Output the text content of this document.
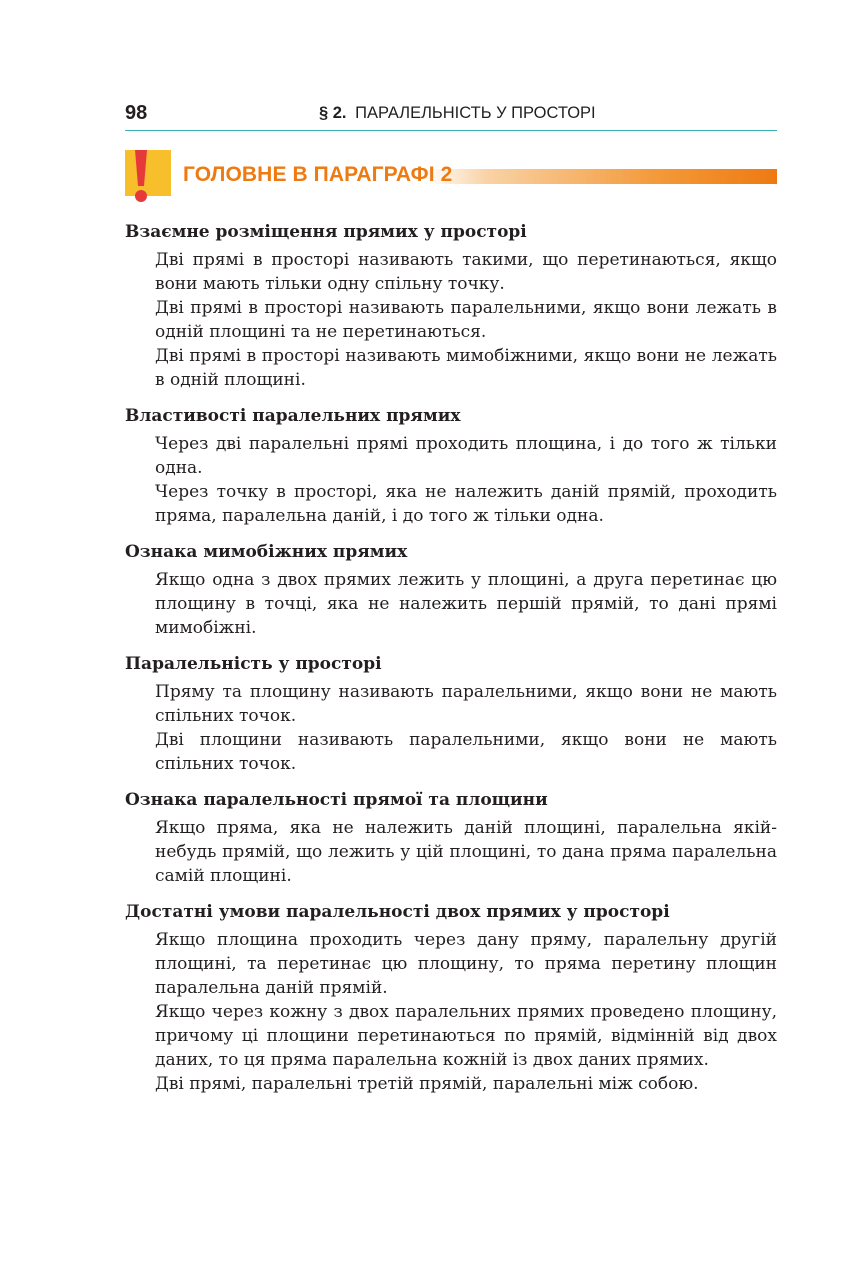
98	§ 2. ПАРАЛЕЛЬНІСТЬ У ПРОСТОРІ
ГОЛОВНЕ В ПАРАГРАФІ 2

Взаємне розміщення прямих у просторі

Дві прямі в просторі називають такими, що перетинаються, якщо вони мають тільки одну спільну точку.

Дві прямі в просторі називають паралельними, якщо вони лежать в одній площині та не перетинаються.

Дві прямі в просторі називають мимобіжними, якщо вони не лежать в одній площині.

Властивості паралельних прямих

Через дві паралельні прямі проходить площина, і до того ж тільки одна.

Через точку в просторі, яка не належить даній прямій, проходить пряма, паралельна даній, і до того ж тільки одна.

Ознака мимобіжних прямих

Якщо одна з двох прямих лежить у площині, а друга перетинає цю площину в точці, яка не належить першій прямій, то дані прямі мимобіжні.

Паралельність у просторі

Пряму та площину називають паралельними, якщо вони не мають спільних точок.

Дві площини називають паралельними, якщо вони не мають спільних точок.

Ознака паралельності прямої та площини

Якщо пряма, яка не належить даній площині, паралельна якій-небудь прямій, що лежить у цій площині, то дана пряма паралельна самій площині.

Достатні умови паралельності двох прямих у просторі

Якщо площина проходить через дану пряму, паралельну другій площині, та перетинає цю площину, то пряма перетину площин паралельна даній прямій.

Якщо через кожну з двох паралельних прямих проведено площину, причому ці площини перетинаються по прямій, відмінній від двох даних, то ця пряма паралельна кожній із двох даних прямих.

Дві прямі, паралельні третій прямій, паралельні між собою.
